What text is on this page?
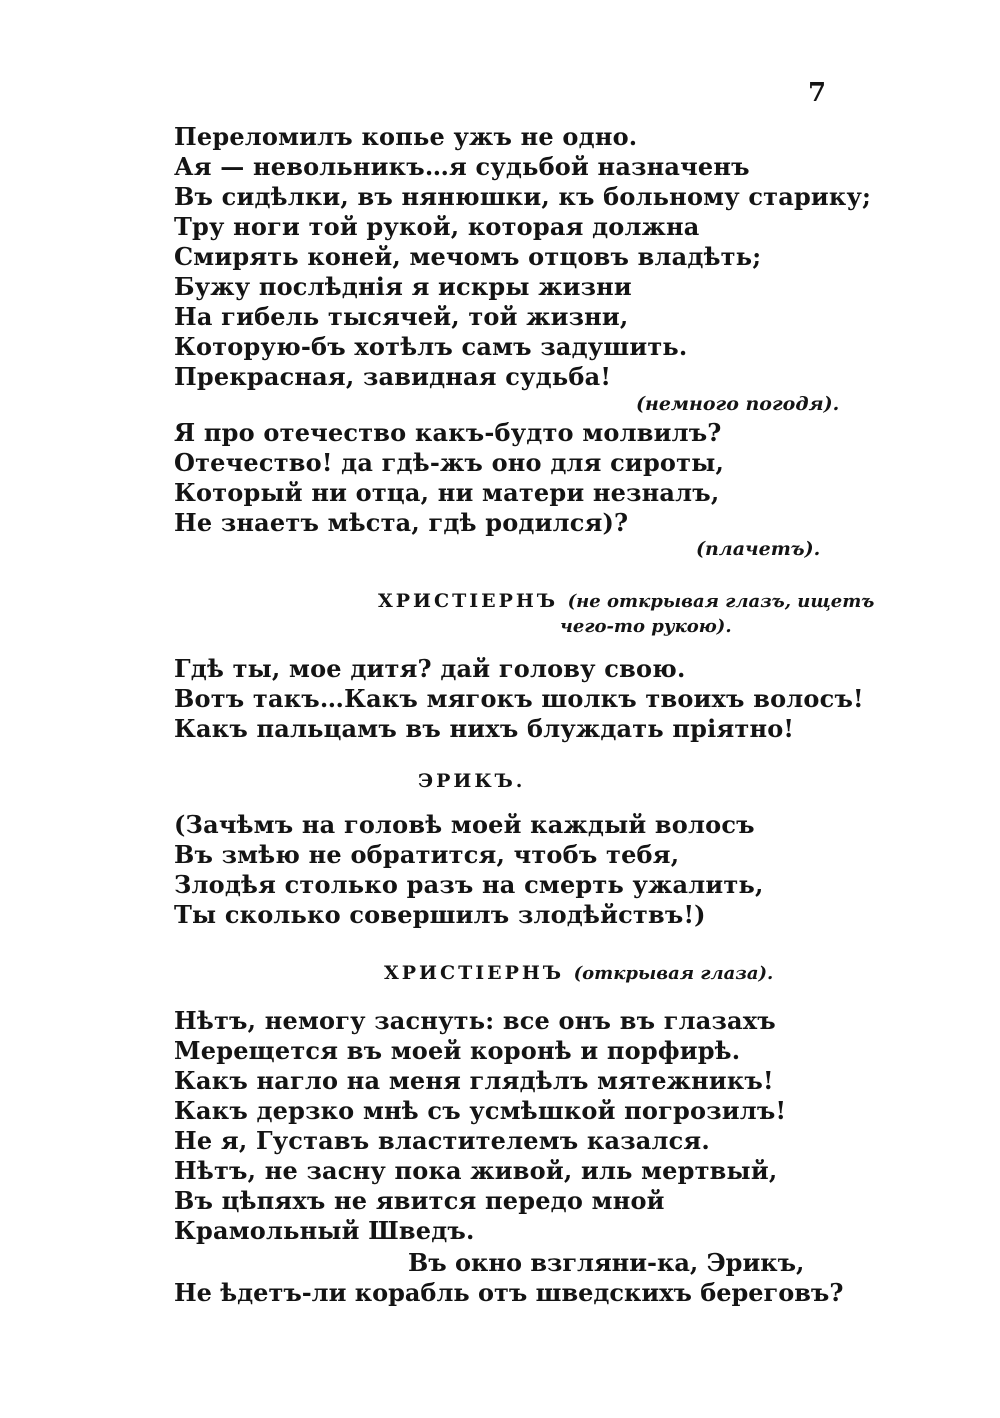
7
Переломилъ копье ужъ не одно.
Ая — невольникъ…я судьбой назначенъ
Въ сидѣлки, въ нянюшки, къ больному старику;
Тру ноги той рукой, которая должна
Смирять коней, мечомъ отцовъ владѣть;
Бужу послѣднія я искры жизни
На гибель тысячей, той жизни,
Которую-бъ хотѣлъ самъ задушить.
Прекрасная, завидная судьба!
(немного погодя).
Я про отечество какъ-будто молвилъ?
Отечество! да гдѣ-жъ оно для сироты,
Который ни отца, ни матери незналъ,
Не знаетъ мѣста, гдѣ родился)?
(плачетъ).
ХРИСТІЕРНЪ (не открывая глазъ, ищетъ
чего-то рукою).
Гдѣ ты, мое дитя? дай голову свою.
Вотъ такъ…Какъ мягокъ шолкъ твоихъ волосъ!
Какъ пальцамъ въ нихъ блуждать пріятно!
ЭРИКЪ.
(Зачѣмъ на головѣ моей каждый волосъ
Въ змѣю не обратится, чтобъ тебя,
Злодѣя столько разъ на смерть ужалить,
Ты сколько совершилъ злодѣйствъ!)
ХРИСТІЕРНЪ (открывая глаза).
Нѣтъ, немогу заснуть: все онъ въ глазахъ
Мерещется въ моей коронѣ и порфирѣ.
Какъ нагло на меня глядѣлъ мятежникъ!
Какъ дерзко мнѣ съ усмѣшкой погрозилъ!
Не я, Густавъ властителемъ казался.
Нѣтъ, не засну пока живой, иль мертвый,
Въ цѣпяхъ не явится передо мной
Крамольный Шведъ.
Въ окно взгляни-ка, Эрикъ,
Не ѣдетъ-ли корабль отъ шведскихъ береговъ?
